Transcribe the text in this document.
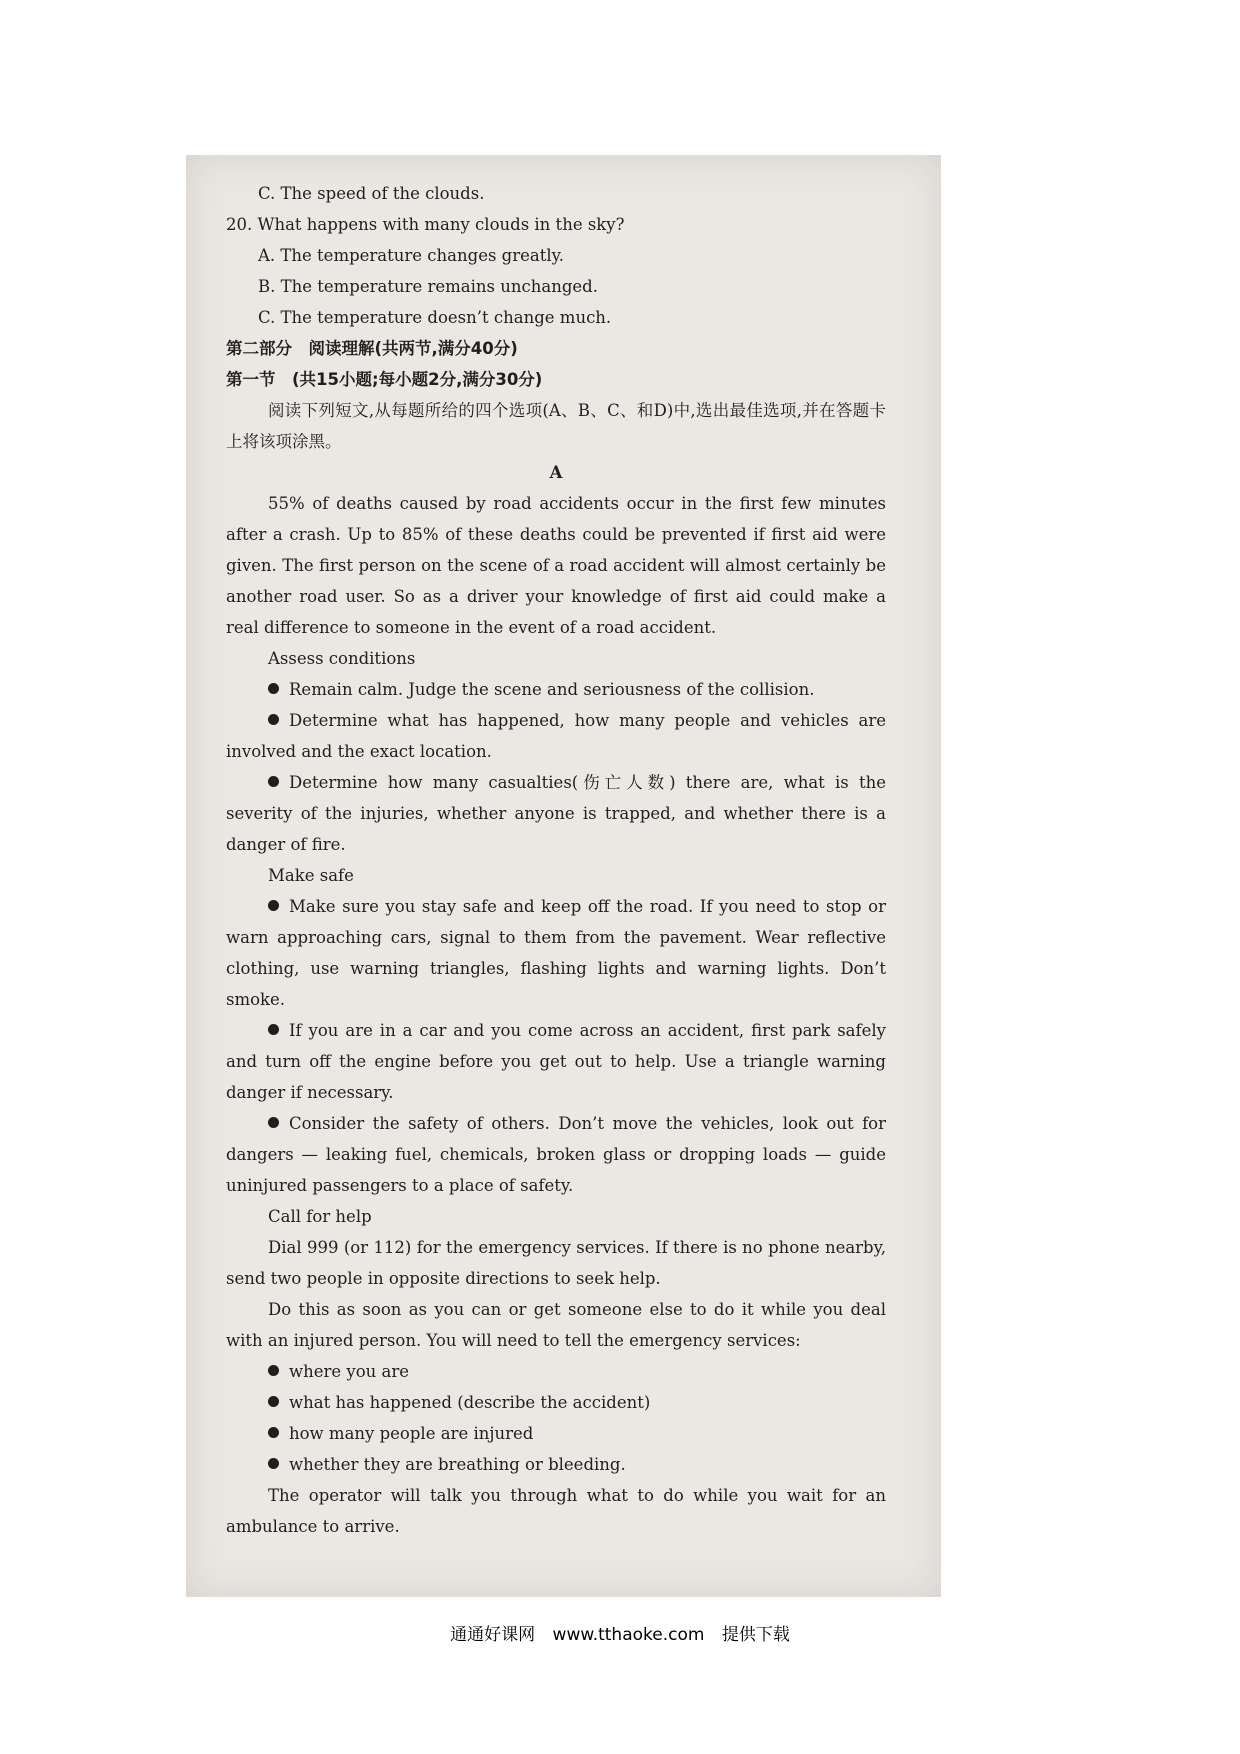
C. The speed of the clouds.

20. What happens with many clouds in the sky?

A. The temperature changes greatly.

B. The temperature remains unchanged.

C. The temperature doesn’t change much.

第二部分　阅读理解(共两节,满分40分)

第一节　(共15小题;每小题2分,满分30分)

阅读下列短文,从每题所给的四个选项(A、B、C、和D)中,选出最佳选项,并在答题卡上将该项涂黑。

A

55% of deaths caused by road accidents occur in the first few minutes after a crash. Up to 85% of these deaths could be prevented if first aid were given. The first person on the scene of a road accident will almost certainly be another road user. So as a driver your knowledge of first aid could make a real difference to someone in the event of a road accident.

Assess conditions

Remain calm. Judge the scene and seriousness of the collision.

Determine what has happened, how many people and vehicles are involved and the exact location.

Determine how many casualties(伤亡人数) there are, what is the severity of the injuries, whether anyone is trapped, and whether there is a danger of fire.

Make safe

Make sure you stay safe and keep off the road. If you need to stop or warn approaching cars, signal to them from the pavement. Wear reflective clothing, use warning triangles, flashing lights and warning lights. Don’t smoke.

If you are in a car and you come across an accident, first park safely and turn off the engine before you get out to help. Use a triangle warning danger if necessary.

Consider the safety of others. Don’t move the vehicles, look out for dangers — leaking fuel, chemicals, broken glass or dropping loads — guide uninjured passengers to a place of safety.

Call for help

Dial 999 (or 112) for the emergency services. If there is no phone nearby, send two people in opposite directions to seek help.

Do this as soon as you can or get someone else to do it while you deal with an injured person. You will need to tell the emergency services:

where you are

what has happened (describe the accident)

how many people are injured

whether they are breathing or bleeding.

The operator will talk you through what to do while you wait for an ambulance to arrive.

通通好课网 www.tthaoke.com 提供下载
